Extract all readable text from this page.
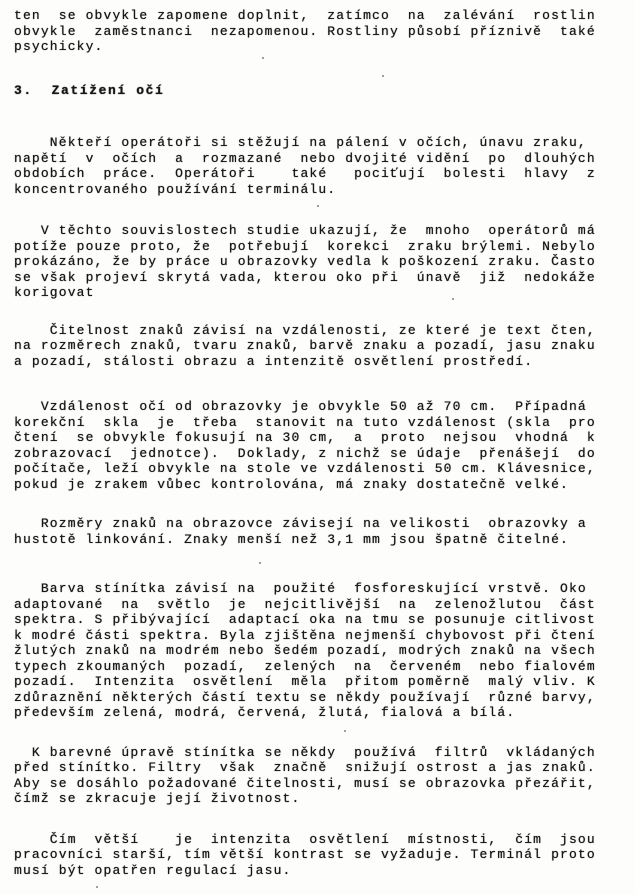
ten  se obvykle zapomene doplnit,  zatímco  na  zalévání  rostlin
obvykle  zaměstnanci  nezapomenou. Rostliny působí příznivě  také
psychicky.
3.  Zatížení očí
Někteří operátoři si stěžují na pálení v očích, únavu zraku,
napětí  v  očích  a  rozmazané  nebo dvojité vidění  po  dlouhých
obdobích  práce.  Operátoři    také   pociťují  bolesti  hlavy  z
koncentrovaného používání terminálu.
V těchto souvislostech studie ukazují, že  mnoho  operátorů má
potíže pouze proto, že  potřebují  korekci  zraku brýlemi. Nebylo
prokázáno, že by práce u obrazovky vedla k poškození zraku. Často
se však projeví skrytá vada, kterou oko při  únavě  již  nedokáže
korigovat
Čitelnost znaků závisí na vzdálenosti, ze které je text čten,
na rozměrech znaků, tvaru znaků, barvě znaku a pozadí, jasu znaku
a pozadí, stálosti obrazu a intenzitě osvětlení prostředí.
Vzdálenost očí od obrazovky je obvykle 50 až 70 cm.  Případná
korekční  skla  je  třeba  stanovit na tuto vzdálenost (skla  pro
čtení  se obvykle fokusují na 30 cm,  a  proto  nejsou  vhodná  k
zobrazovací  jednotce).  Doklady, z nichž se údaje  přenášejí  do
počítače, leží obvykle na stole ve vzdálenosti 50 cm. Klávesnice,
pokud je zrakem vůbec kontrolována, má znaky dostatečně velké.
Rozměry znaků na obrazovce závisejí na velikosti  obrazovky a
hustotě linkování. Znaky menší než 3,1 mm jsou špatně čitelné.
Barva stínítka závisí na  použité  fosforeskující vrstvě. Oko
adaptované  na  světlo  je  nejcitlivější  na  zelenožlutou  část
spektra. S přibývající  adaptací oka na tmu se posunuje citlivost
k modré části spektra. Byla zjištěna nejmenší chybovost při čtení
žlutých znaků na modrém nebo šedém pozadí, modrých znaků na všech
typech zkoumaných  pozadí,  zelených  na  červeném  nebo fialovém
pozadí.  Intenzita  osvětlení  měla  přitom poměrně  malý vliv. K
zdůraznění některých částí textu se někdy používají  různé barvy,
především zelená, modrá, červená, žlutá, fialová a bílá.
K barevné úpravě stínítka se někdy  používá  filtrů  vkládaných
před stínítko. Filtry  však  značně  snižují ostrost a jas znaků.
Aby se dosáhlo požadované čitelnosti, musí se obrazovka přezářit,
čímž se zkracuje její životnost.
Čím  větší    je  intenzita  osvětlení  místnosti,  čím  jsou
pracovníci starší, tím větší kontrast se vyžaduje. Terminál proto
musí být opatřen regulací jasu.
